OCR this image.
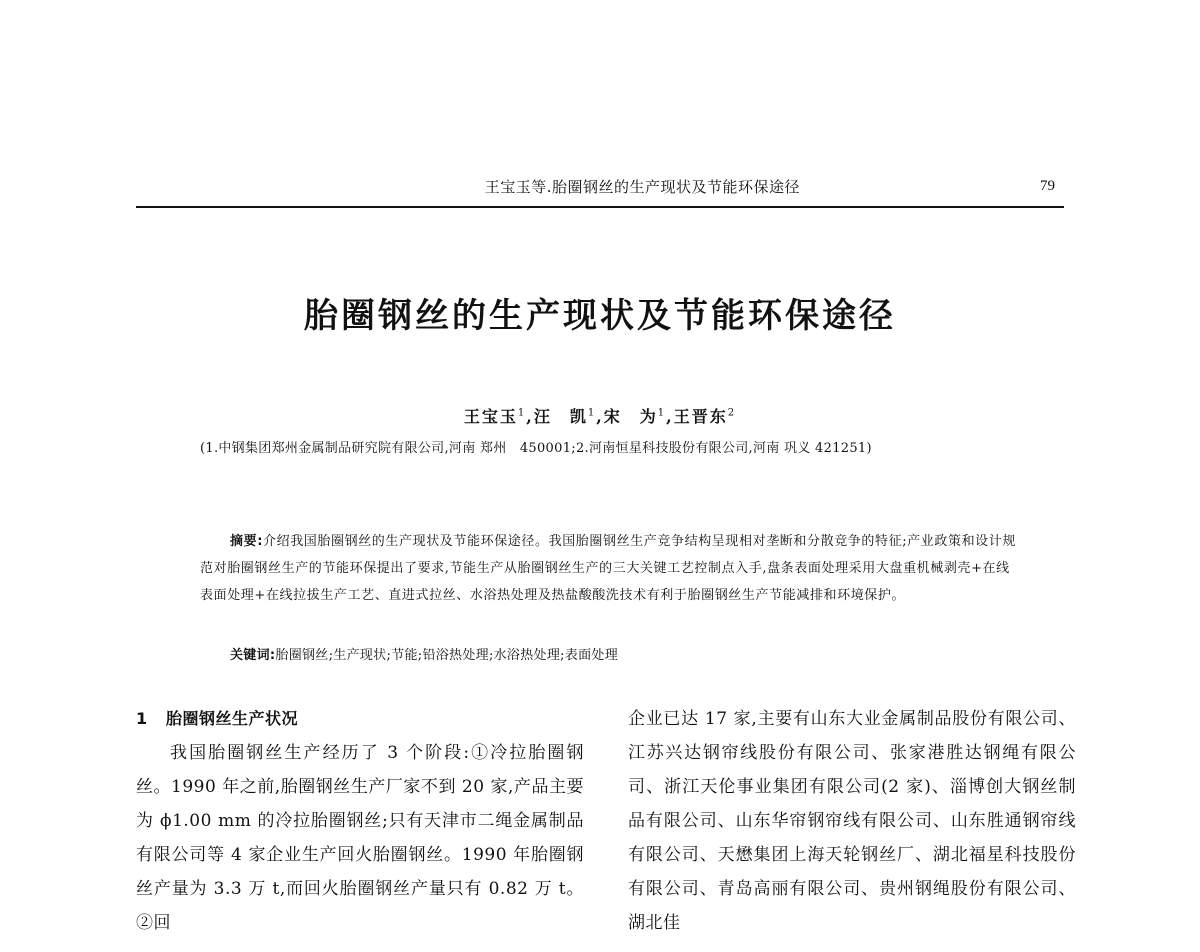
王宝玉等.胎圈钢丝的生产现状及节能环保途径	79
胎圈钢丝的生产现状及节能环保途径
王宝玉$^1$,汪　凯$^1$,宋　为$^1$,王晋东$^2$
(1.中钢集团郑州金属制品研究院有限公司,河南 郑州　450001;2.河南恒星科技股份有限公司,河南 巩义 421251)
摘要:介绍我国胎圈钢丝的生产现状及节能环保途径。我国胎圈钢丝生产竞争结构呈现相对垄断和分散竞争的特征;产业政策和设计规范对胎圈钢丝生产的节能环保提出了要求,节能生产从胎圈钢丝生产的三大关键工艺控制点入手,盘条表面处理采用大盘重机械剥壳+在线表面处理+在线拉拔生产工艺、直进式拉丝、水浴热处理及热盐酸酸洗技术有利于胎圈钢丝生产节能减排和环境保护。
关键词:胎圈钢丝;生产现状;节能;铅浴热处理;水浴热处理;表面处理
1 胎圈钢丝生产状况
我国胎圈钢丝生产经历了 3 个阶段:①冷拉胎圈钢丝。1990 年之前,胎圈钢丝生产厂家不到 20 家,产品主要为 ϕ1.00 mm 的冷拉胎圈钢丝;只有天津市二绳金属制品有限公司等 4 家企业生产回火胎圈钢丝。1990 年胎圈钢丝产量为 3.3 万 t,而回火胎圈钢丝产量只有 0.82 万 t。②回
企业已达 17 家,主要有山东大业金属制品股份有限公司、江苏兴达钢帘线股份有限公司、张家港胜达钢绳有限公司、浙江天伦事业集团有限公司(2 家)、淄博创大钢丝制品有限公司、山东华帘钢帘线有限公司、山东胜通钢帘线有限公司、天懋集团上海天轮钢丝厂、湖北福星科技股份有限公司、青岛高丽有限公司、贵州钢绳股份有限公司、湖北佳
